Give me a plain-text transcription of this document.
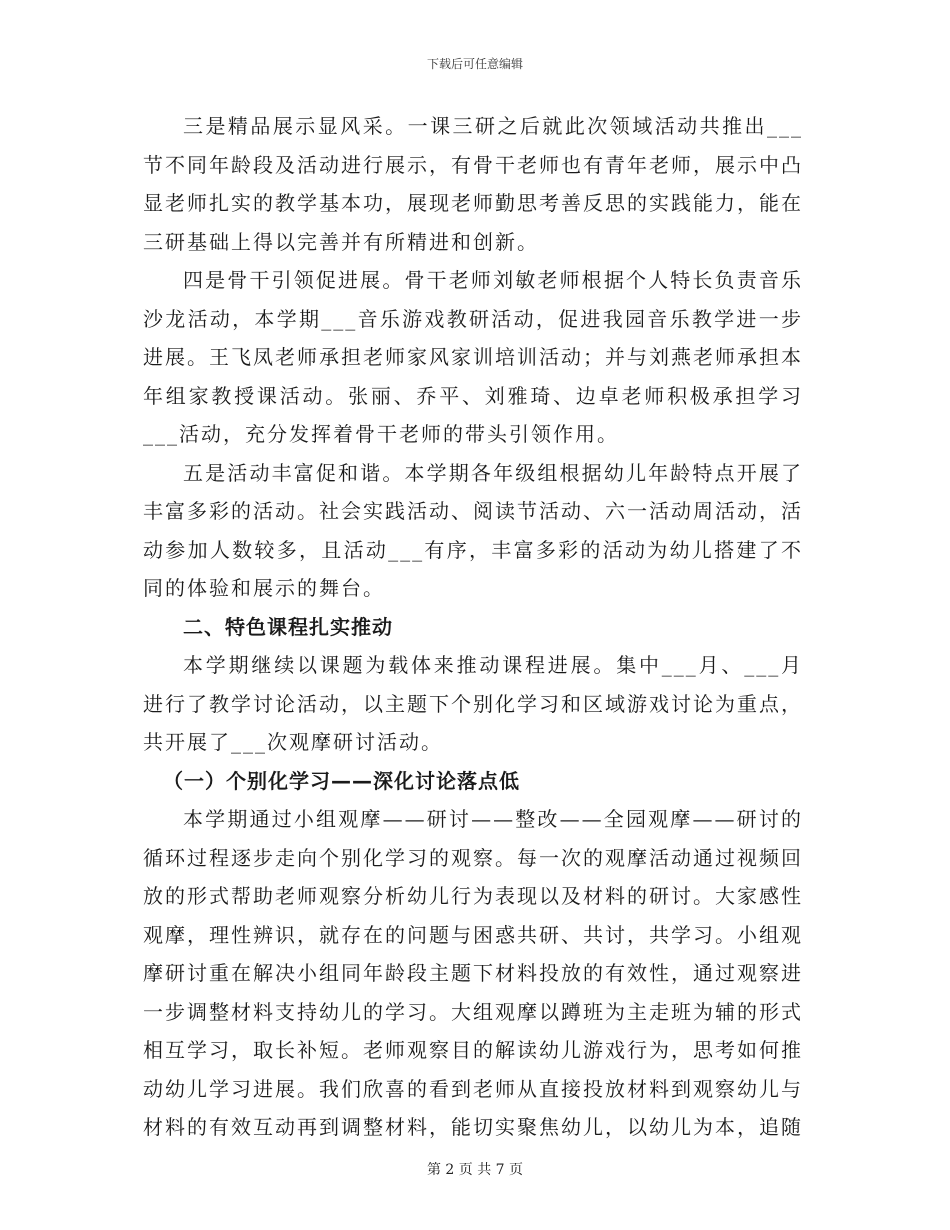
下载后可任意编辑

三是精品展示显风采。一课三研之后就此次领域活动共推出___节不同年龄段及活动进行展示，有骨干老师也有青年老师，展示中凸显老师扎实的教学基本功，展现老师勤思考善反思的实践能力，能在三研基础上得以完善并有所精进和创新。

四是骨干引领促进展。骨干老师刘敏老师根据个人特长负责音乐沙龙活动，本学期___音乐游戏教研活动，促进我园音乐教学进一步进展。王飞凤老师承担老师家风家训培训活动；并与刘燕老师承担本年组家教授课活动。张丽、乔平、刘雅琦、边卓老师积极承担学习___活动，充分发挥着骨干老师的带头引领作用。

五是活动丰富促和谐。本学期各年级组根据幼儿年龄特点开展了丰富多彩的活动。社会实践活动、阅读节活动、六一活动周活动，活动参加人数较多，且活动___有序，丰富多彩的活动为幼儿搭建了不同的体验和展示的舞台。

二、特色课程扎实推动

本学期继续以课题为载体来推动课程进展。集中___月、___月进行了教学讨论活动，以主题下个别化学习和区域游戏讨论为重点，共开展了___次观摩研讨活动。

（一）个别化学习——深化讨论落点低

本学期通过小组观摩——研讨——整改——全园观摩——研讨的循环过程逐步走向个别化学习的观察。每一次的观摩活动通过视频回放的形式帮助老师观察分析幼儿行为表现以及材料的研讨。大家感性观摩，理性辨识，就存在的问题与困惑共研、共讨，共学习。小组观摩研讨重在解决小组同年龄段主题下材料投放的有效性，通过观察进一步调整材料支持幼儿的学习。大组观摩以蹲班为主走班为辅的形式相互学习，取长补短。老师观察目的解读幼儿游戏行为，思考如何推动幼儿学习进展。我们欣喜的看到老师从直接投放材料到观察幼儿与材料的有效互动再到调整材料，能切实聚焦幼儿，以幼儿为本，追随

第 2 页 共 7 页
